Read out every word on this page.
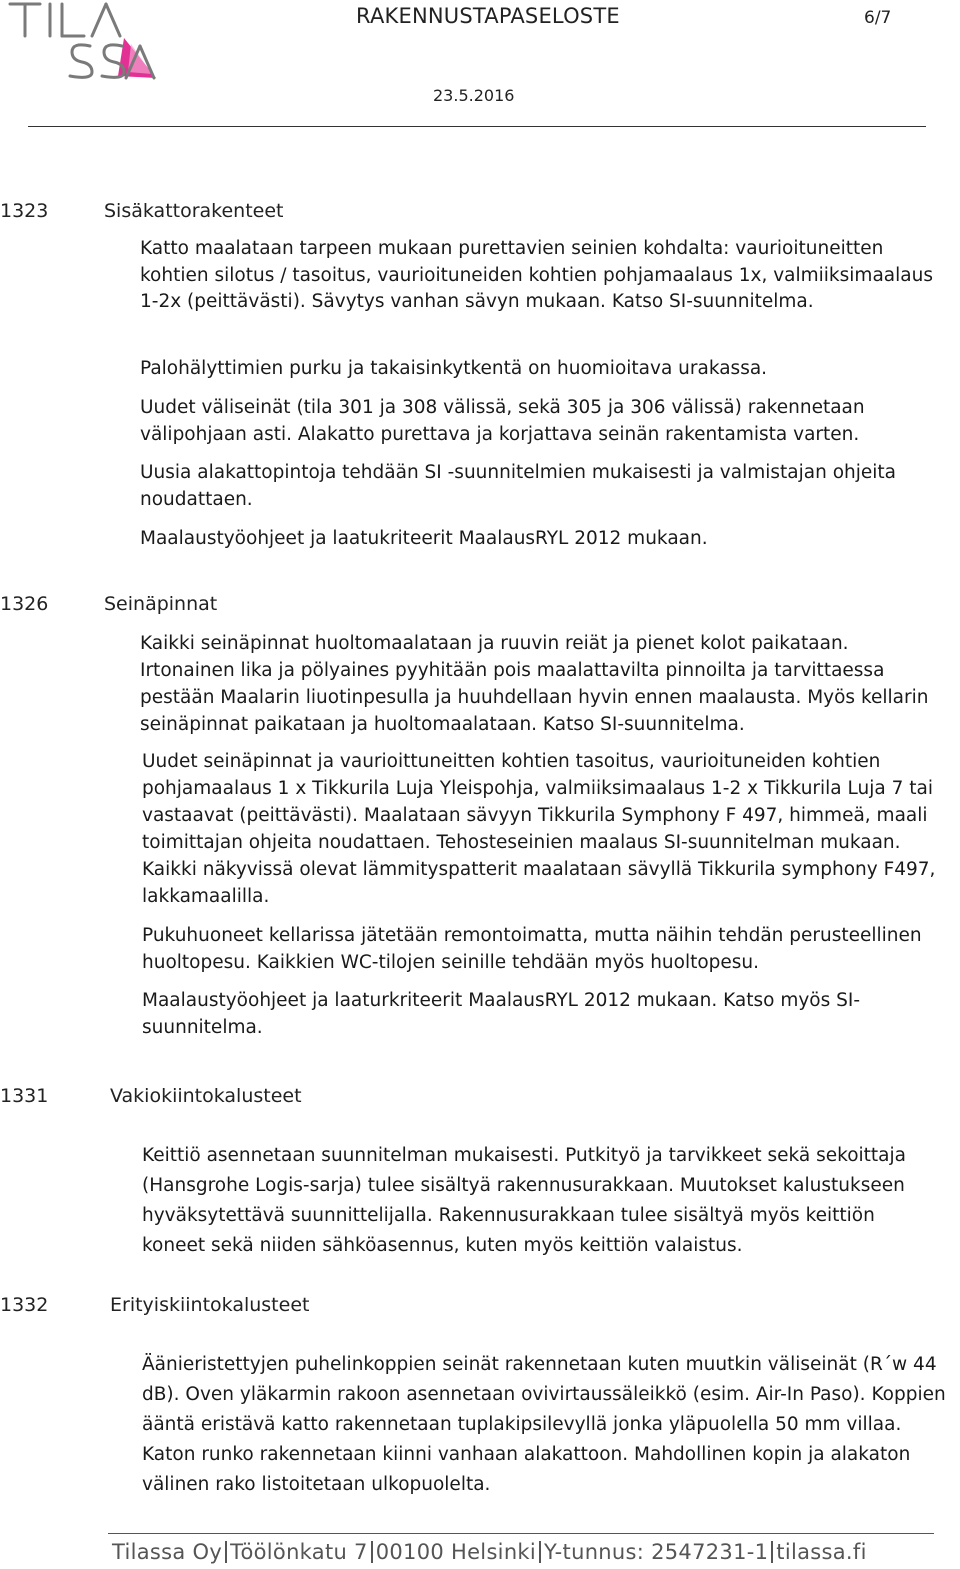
RAKENNUSTAPASELOSTE	6/7
23.5.2016
1323	Sisäkattorakenteet

Katto maalataan tarpeen mukaan purettavien seinien kohdalta: vaurioituneitten kohtien silotus / tasoitus, vaurioituneiden kohtien pohjamaalaus 1x, valmiiksimaalaus 1-2x (peittävästi). Sävytys vanhan sävyn mukaan. Katso SI-suunnitelma.

Palohälyttimien purku ja takaisinkytkentä on huomioitava urakassa.

Uudet väliseinät (tila 301 ja 308 välissä, sekä 305 ja 306 välissä) rakennetaan välipohjaan asti. Alakatto purettava ja korjattava seinän rakentamista varten.

Uusia alakattopintoja tehdään SI -suunnitelmien mukaisesti ja valmistajan ohjeita noudattaen.

Maalaustyöohjeet ja laatukriteerit MaalausRYL 2012 mukaan.

1326	Seinäpinnat

Kaikki seinäpinnat huoltomaalataan ja ruuvin reiät ja pienet kolot paikataan. Irtonainen lika ja pölyaines pyyhitään pois maalattavilta pinnoilta ja tarvittaessa pestään Maalarin liuotinpesulla ja huuhdellaan hyvin ennen maalausta. Myös kellarin seinäpinnat paikataan ja huoltomaalataan. Katso SI-suunnitelma.

Uudet seinäpinnat ja vaurioittuneitten kohtien tasoitus, vaurioituneiden kohtien pohjamaalaus 1 x Tikkurila Luja Yleispohja, valmiiksimaalaus 1-2 x Tikkurila Luja 7 tai vastaavat (peittävästi). Maalataan sävyyn Tikkurila Symphony F 497, himmeä, maali toimittajan ohjeita noudattaen. Tehosteseinien maalaus SI-suunnitelman mukaan. Kaikki näkyvissä olevat lämmityspatterit maalataan sävyllä Tikkurila symphony F497, lakkamaalilla.

Pukuhuoneet kellarissa jätetään remontoimatta, mutta näihin tehdän perusteellinen huoltopesu. Kaikkien WC-tilojen seinille tehdään myös huoltopesu.

Maalaustyöohjeet ja laaturkriteerit MaalausRYL 2012 mukaan. Katso myös SI-suunnitelma.

1331	Vakiokiintokalusteet

Keittiö asennetaan suunnitelman mukaisesti. Putkityö ja tarvikkeet sekä sekoittaja (Hansgrohe Logis-sarja) tulee sisältyä rakennusurakkaan. Muutokset kalustukseen hyväksytettävä suunnittelijalla. Rakennusurakkaan tulee sisältyä myös keittiön koneet sekä niiden sähköasennus, kuten myös keittiön valaistus.

1332	Erityiskiintokalusteet

Äänieristettyjen puhelinkoppien seinät rakennetaan kuten muutkin väliseinät (R´w 44 dB). Oven yläkarmin rakoon asennetaan ovivirtaussäleikkö (esim. Air-In Paso). Koppien ääntä eristävä katto rakennetaan tuplakipsilevyllä jonka yläpuolella 50 mm villaa. Katon runko rakennetaan kiinni vanhaan alakattoon. Mahdollinen kopin ja alakaton välinen rako listoitetaan ulkopuolelta.

Tilassa Oy Töölönkatu 7 00100 Helsinki Y-tunnus: 2547231-1 tilassa.fi
